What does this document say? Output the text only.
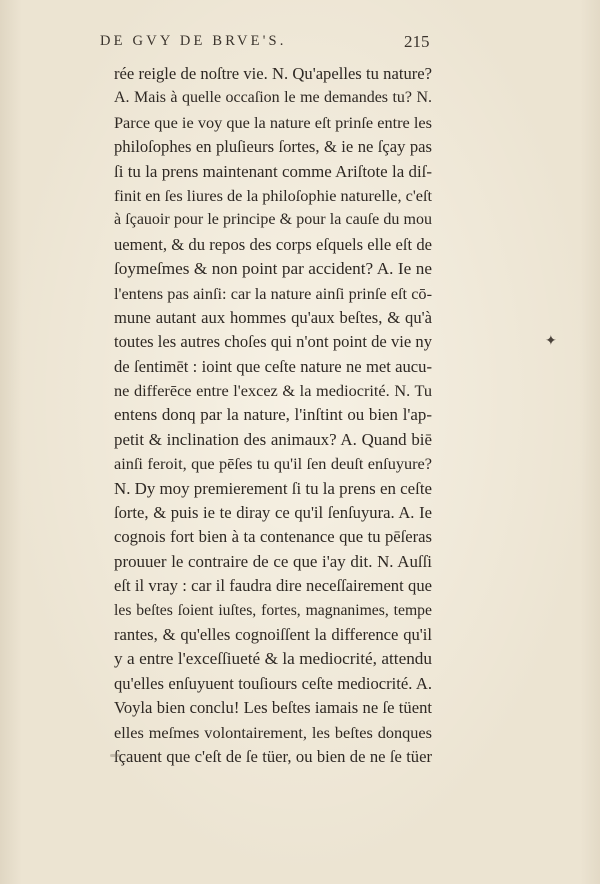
DE GVY DE BRVE'S.	215
rée reigle de noſtre vie. N. Qu'apelles tu nature?
A. Mais à quelle occaſion le me demandes tu? N.
Parce que ie voy que la nature eſt prinſe entre les
philoſophes en pluſieurs ſortes, & ie ne ſçay pas
ſi tu la prens maintenant comme Ariſtote la diſ-
finit en ſes liures de la philoſophie naturelle, c'eſt
à ſçauoir pour le principe & pour la cauſe du mou
uement, & du repos des corps eſquels elle eſt de
ſoymeſmes & non point par accident? A. Ie ne
l'entens pas ainſi: car la nature ainſi prinſe eſt cō-
mune autant aux hommes qu'aux beſtes, & qu'à
toutes les autres choſes qui n'ont point de vie ny
de ſentimēt : ioint que ceſte nature ne met aucu-
ne differēce entre l'excez & la mediocrité. N. Tu
entens donq par la nature, l'inſtint ou bien l'ap-
petit & inclination des animaux? A. Quand biē
ainſi feroit, que pēſes tu qu'il ſen deuſt enſuyure?
N. Dy moy premierement ſi tu la prens en ceſte
ſorte, & puis ie te diray ce qu'il ſenſuyura. A. Ie
cognois fort bien à ta contenance que tu pēſeras
prouuer le contraire de ce que i'ay dit. N. Auſſi
eſt il vray : car il faudra dire neceſſairement que
les beſtes ſoient iuſtes, fortes, magnanimes, tempe
rantes, & qu'elles cognoiſſent la difference qu'il
y a entre l'exceſſiueté & la mediocrité, attendu
qu'elles enſuyuent touſiours ceſte mediocrité. A.
Voyla bien conclu! Les beſtes iamais ne ſe tüent
elles meſmes volontairement, les beſtes donques
ſçauent que c'eſt de ſe tüer, ou bien de ne ſe tüer
✦
